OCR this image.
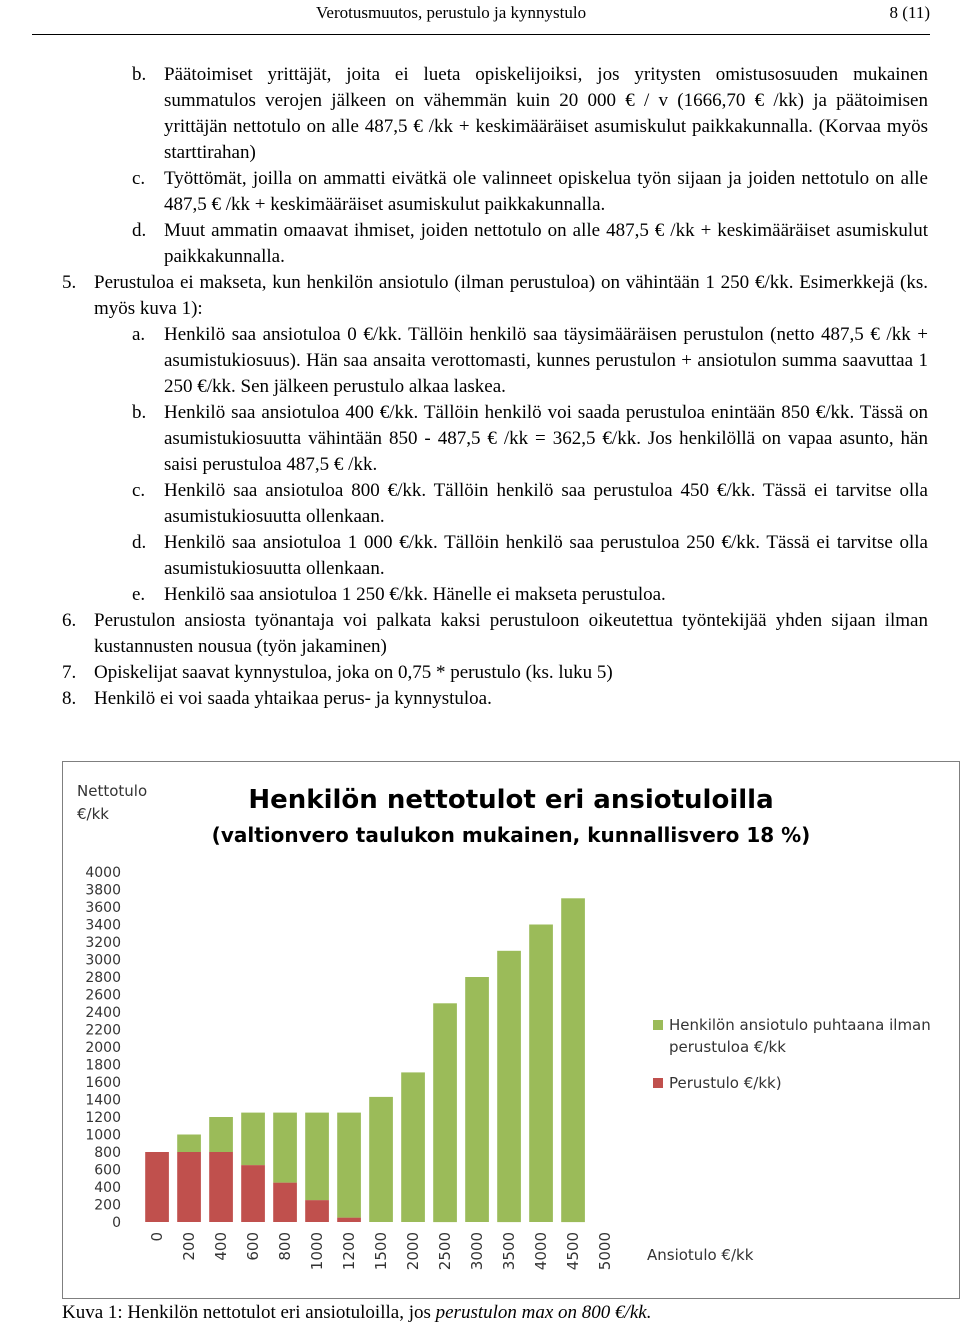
Verotusmuutos, perustulo ja kynnystulo	8 (11)
b. Päätoimiset yrittäjät, joita ei lueta opiskelijoiksi, jos yritysten omistusosuuden mukainen summatulos verojen jälkeen on vähemmän kuin 20 000 € / v (1666,70 € /kk) ja päätoimisen yrittäjän nettotulo on alle 487,5 € /kk + keskimääräiset asumiskulut paikkakunnalla. (Korvaa myös starttirahan)
c. Työttömät, joilla on ammatti eivätkä ole valinneet opiskelua työn sijaan ja joiden nettotulo on alle 487,5 € /kk + keskimääräiset asumiskulut paikkakunnalla.
d. Muut ammatin omaavat ihmiset, joiden nettotulo on alle 487,5 € /kk + keskimääräiset asumiskulut paikkakunnalla.
5. Perustuloa ei makseta, kun henkilön ansiotulo (ilman perustuloa) on vähintään 1 250 €/kk. Esimerkkejä (ks. myös kuva 1):
a. Henkilö saa ansiotuloa 0 €/kk. Tällöin henkilö saa täysimääräisen perustulon (netto 487,5 € /kk + asumistukiosuus). Hän saa ansaita verottomasti, kunnes perustulon + ansiotulon summa saavuttaa 1 250 €/kk. Sen jälkeen perustulo alkaa laskea.
b. Henkilö saa ansiotuloa 400 €/kk. Tällöin henkilö voi saada perustuloa enintään 850 €/kk. Tässä on asumistukiosuutta vähintään 850 - 487,5 € /kk = 362,5 €/kk. Jos henkilöllä on vapaa asunto, hän saisi perustuloa 487,5 € /kk.
c. Henkilö saa ansiotuloa 800 €/kk. Tällöin henkilö saa perustuloa 450 €/kk. Tässä ei tarvitse olla asumistukiosuutta ollenkaan.
d. Henkilö saa ansiotuloa 1 000 €/kk. Tällöin henkilö saa perustuloa 250 €/kk. Tässä ei tarvitse olla asumistukiosuutta ollenkaan.
e. Henkilö saa ansiotuloa 1 250 €/kk. Hänelle ei makseta perustuloa.
6. Perustulon ansiosta työnantaja voi palkata kaksi perustuloon oikeutettua työntekijää yhden sijaan ilman kustannusten nousua (työn jakaminen)
7. Opiskelijat saavat kynnystuloa, joka on 0,75 * perustulo (ks. luku 5)
8. Henkilö ei voi saada yhtaikaa perus- ja kynnystuloa.
Henkilön nettotulot eri ansiotuloilla
(valtionvero taulukon mukainen, kunnallisvero 18 %)
Nettotulo
€/kk
0
200
400
600
800
1000
1200
1400
1600
1800
2000
2200
2400
2600
2800
3000
3200
3400
3600
3800
4000
0 200 400 600 800 1000 1200 1500 2000 2500 3000 3500 4000 4500 5000 Ansiotulo €/kk
Henkilön ansiotulo puhtaana ilman
perustuloa €/kk
Perustulo €/kk)
Kuva 1: Henkilön nettotulot eri ansiotuloilla, jos perustulon max on 800 €/kk.
